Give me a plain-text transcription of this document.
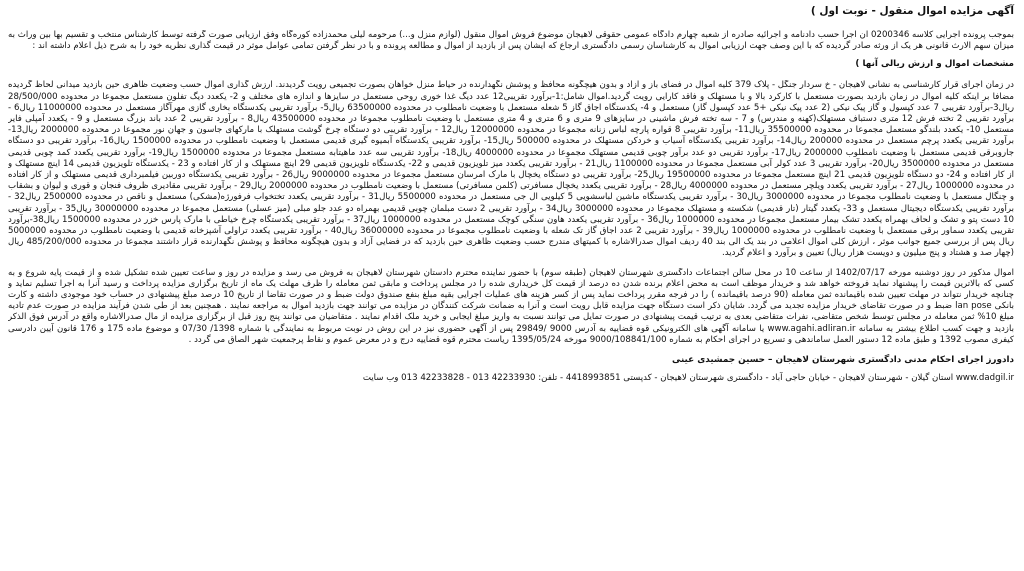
آگهی مزایده اموال منقول - نوبت اول )

بموجب پرونده اجرایی کلاسه 0200346 ان اجرا حسب دادنامه و اجرائیه صادره از شعبه چهارم دادگاه عمومی حقوقی لاهیجان موضوع فروش اموال منقول (لوازم منزل و...) مرحومه لیلی محمدزاده کوره‌گاه وفق ارزیابی صورت گرفته توسط کارشناس منتخب و تقسیم بها بین وراث به میزان سهم الارث قانونی هر یک از ورثه صادر گردیده که با این وصف جهت ارزیابی اموال به کارشناسان رسمی دادگستری ارجاع که ایشان پس از بازدید از اموال و مطالعه پرونده و با در نظر گرفتن تمامی عوامل موثر در قیمت گذاری نظریه خود را به شرح ذیل اعلام داشته اند :

مشخصات اموال و ارزش ریالی آنها )

در زمان اجرای قرار کارشناسی به نشانی لاهیجان - خ سردار جنگل - پلاک 379 کلیه اموال در فضای باز و آزاد و بدون هیچگونه محافظ و پوشش نگهدارنده در حیاط منزل خواهان بصورت تجمیعی رویت گردیدند. ارزش گذاری اموال حسب وضعیت ظاهری حین بازدید میدانی لحاظ گردیده مضافا بر اینکه کلیه اموال در زمان بازدید بصورت مستعمل با کارکرد بالا و با مستهلک و فاقد کارایی رویت گردید.اموال شامل:1-برآورد تقریبی12 عدد دیگ غذا خوری روحی مستعمل در سایزها و اندازه های مختلف و 2- یکعدد دیگ تفلون مستعمل مجموعا در محدوده 28/500/000 ریال3-برآورد تقریبی 7 عدد کپسول و گاز پیک نیکی (2 عدد پیک نیکی +5 عدد کپسول گاز) مستعمل و 4- یکدستگاه اجاق گاز 5 شعله مستعمل با وضعیت نامطلوب در محدوده 63500000 ریال5- برآورد تقریبی یکدستگاه بخاری گازی مهرآگاز مستعمل در محدوده 11000000 ریال6 - برآورد تقریبی 2 تخته فرش 12 متری دستباف مستهلک(کهنه و مندرس) و 7 - سه تخته فرش ماشینی در سایزهای 9 متری و 6 متری و 4 متری مستعمل با وضعیت نامطلوب مجموعا در محدوده 43500000 ریال8 - برآورد تقریبی 2 عدد باند بزرگ مستعمل و 9 - یکعدد آمپلی فایر مستعمل 10- یکعدد بلندگو مستعمل مجموعا در محدوده 35500000 ریال11- برآورد تقریبی 8 قواره پارچه لباس زنانه مجموعا در محدوده 12000000 ریال12 - برآورد تقریبی دو دستگاه چرخ گوشت مستهلک با مارکهای جاسون و جهان نور مجموعا در محدوده 2000000 ریال13- برآورد تقریبی یکعدد پرچم مستعمل در محدوده 200000 ریال14- برآورد تقریبی یکدستگاه آسیاب و خردکن مستهلک در محدوده 500000 ریال15- برآورد تقریبی یکدستگاه آبمیوه گیری قدیمی مستعمل با وضعیت نامطلوب در محدوده 1500000 ریال16- برآورد تقریبی دو دستگاه جاروبرقی قدیمی مستعمل با وضعیت نامطلوب 2000000 ریال17- برآورد تقریبی دو عدد برآور چوبی قدیمی مستهلک مجموعا در محدوده 4000000 ریال18- برآورد تقریبی سه عدد ماهیتابه مستعمل مجموعا در محدوده 1500000 ریال19- برآورد تقریبی یکعدد کمد چوبی قدیمی مستعمل در محدوده 3500000 ریال20- برآورد تقریبی 3 عدد کولر آبی مستعمل مجموعا در محدوده 1100000 ریال21 - برآورد تقریبی یکعدد میز تلویزیون قدیمی و 22- یکدستگاه تلویزیون قدیمی 29 اینچ مستهلک و از کار افتاده و 23 - یکدستگاه تلویزیون قدیمی 14 اینچ مستهلک و از کار افتاده و 24- دو دستگاه تلویزیون قدیمی 21 اینچ مستعمل مجموعا در محدوده 19500000 ریال25- برآورد تقریبی دو دستگاه یخچال با مارک امرسان مستعمل مجموعا در محدوده 9000000 ریال26 - برآورد تقریبی یکدستگاه دوربین فیلمبرداری قدیمی مستهلک و از کار افتاده در محدوده 1000000 ریال27 - برآورد تقریبی یکعدد ویلچر مستعمل در محدوده 4000000 ریال28 - برآورد تقریبی یکعدد یخچال مسافرتی (کلمن مسافرتی) مستعمل با وضعیت نامطلوب در محدوده 2000000 ریال29 - برآورد تقریبی مقادیری ظروف فنجان و قوری و لیوان و بشقاب و چنگال مستعمل با وضعیت نامطلوب مجموعا در محدوده 3000000 ریال30 - برآورد تقریبی یکدستگاه ماشین لباسشویی 5 کیلویی ال جی مستعمل در محدوده 5500000 ریال31 - برآورد تقریبی یکعدد تختخواب فرفورژه(مشکی) مستعمل و ناقص در محدوده 2500000 ریال32 - برآورد تقریبی یکدستگاه دیجیتال مستعمل و 33- یکعدد گیتار (تار قدیمی) شکسته و مستهلک مجموعا در محدوده 3000000 ریال34 - برآورد تقریبی 2 دست مبلمان چوبی قدیمی بهمراه دو عدد جلو مبلی (میز عسلی) مستعمل مجموعا در محدوده 30000000 ریال35 - برآورد تقریبی 10 دست پتو و تشک و لحاف بهمراه یکعدد تشک بیمار مستعمل مجموعا در محدوده 1000000 ریال36 - برآورد تقریبی یکعدد هاون سنگی کوچک مستعمل در محدوده 1000000 ریال37 - برآورد تقریبی یکدستگاه چرخ خیاطی با مارک پارس خزر در محدوده 1500000 ریال38-برآورد تقریبی یکعدد سماور برقی مستعمل با وضعیت نامطلوب در محدوده 1000000 ریال39 - برآورد تقریبی 2 عدد اجاق گاز تک شعله با وضعیت نامطلوب مجموعا در محدوده 36000000 ریال40 - برآورد تقریبی یکعدد تراولی آشپزخانه قدیمی با وضعیت نامطلوب در محدوده 5000000 ریال پس از بررسی جمیع جوانب موثر ، ارزش کلی اموال اعلامی در بند یک الی بند 40 ردیف اموال صدرالاشاره با کمیتهای مندرج حسب وضعیت ظاهری حین بازدید که در فضایی آزاد و بدون هیچگونه محافظ و پوشش نگهدارنده قرار داشتند مجموعا در محدوده 485/200/000 ریال (چهار صد و هشتاد و پنج میلیون و دویست هزار ریال) تعیین و برآورد و اعلام گردید.

اموال مذکور در روز دوشنبه مورخه 1402/07/17 از ساعت 10 در محل سالن اجتماعات دادگستری شهرستان لاهیجان (طبقه سوم) با حضور نماینده محترم دادستان شهرستان لاهیجان به فروش می رسد و مزایده در روز و ساعت تعیین شده تشکیل شده و از قیمت پایه شروع و به کسی که بالاترین قیمت را پیشنهاد نماید فروخته خواهد شد و خریدار موظف است به محض اعلام برنده شدن ده درصد از قیمت کل خریداری شده را در مجلس پرداخت و مابقی ثمن معامله را ظرف مهلت یک ماه از تاریخ برگزاری مزایده پرداخت و رسید آنرا به اجرا تسلیم نماید و چنانچه خریدار نتواند در مهلت تعیین شده باقیمانده ثمن معامله (90 درصد باقیمانده ) را در فرجه مقرر پرداخت نماید پس از کسر هزینه های عملیات اجرایی بقیه مبلغ بنفع صندوق دولت ضبط و در صورت تقاضا از تاریخ 10 درصد مبلغ پیشنهادی در حساب خود موجودی داشته و کارت بانکی lan pose ضبط و در صورت تقاضای خریدار مزایده تجدید می گردد. شایان ذکر است دستگاه جهت مزایده قابل رویت است و آنرا به ضمانت شرکت کنندگان در مزایده می توانند جهت بازدید اموال به مراجعه نمایند . همچنین بعد از طی شدن فرآیند مزایده در صورت عدم تادیه مبلغ 10% ثمن معامله در مجلس توسط شخص متقاضی، نفرات متقاضی بعدی به ترتیب قیمت پیشنهادی در صورت تمایل می توانند نسبت به واریز مبلغ ایجابی و خرید ملک اقدام نمایند . متقاضیان می توانند پنج روز قبل از برگزاری مزایده از مال صدرالاشاره واقع در آدرس فوق الذکر بازدید و جهت کسب اطلاع بیشتر به سامانه www.agahi.adliran.ir یا سامانه آگهی های الکترونیکی قوه قضاییه به آدرس 9000 /29849 پس از آگهی حضوری نیز در این روش در نوبت مربوط به نمایندگی با شماره 1398/ 07/30 و موضوع ماده 175 و 176 قانون آیین دادرسی کیفری مصوب 1392 و طبق ماده 12 دستور العمل ساماندهی و تسریع در اجرای احکام به شماره 9000/108841/100 مورخه 1395/05/24 ریاست محترم قوه قضاییه درج و در معرض عموم و نقاط پرجمعیت شهر الصاق می گردد .

دادورز اجرای احکام مدنی دادگستری شهرستان لاهیجان – حسین جمشیدی عینی
www.dadgil.ir استان گیلان - شهرستان لاهیجان - خیابان حاجی آباد - دادگستری شهرستان لاهیجان - کدپستی 4418993851 - تلفن: 42233930 013 - 42233828 013 وب سایت
